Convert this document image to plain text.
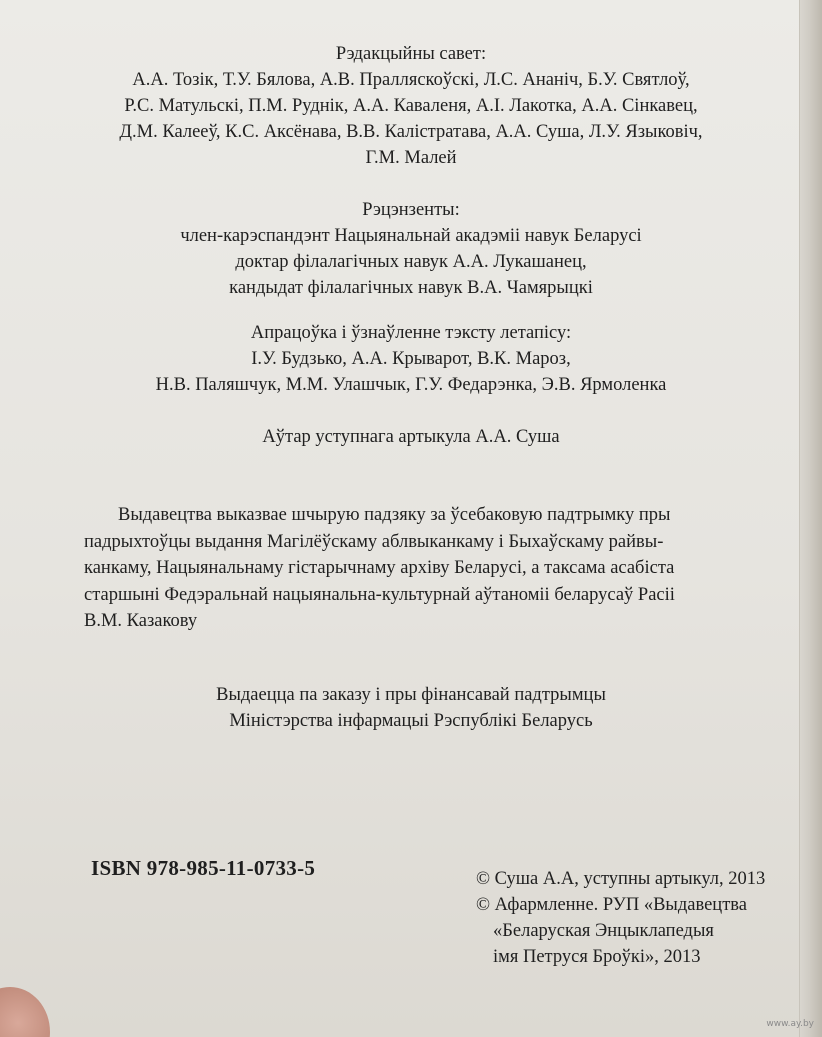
Рэдакцыйны савет:
А.А. Тозік, Т.У. Бялова, А.В. Пралляскоўскі, Л.С. Ананіч, Б.У. Святлоў,
Р.С. Матульскі, П.М. Руднік, А.А. Каваленя, А.І. Лакотка, А.А. Сінкавец,
Д.М. Калееў, К.С. Аксёнава, В.В. Калістратава, А.А. Суша, Л.У. Языковіч,
Г.М. Малей
Рэцэнзенты:
член-карэспандэнт Нацыянальнай акадэміі навук Беларусі
доктар філалагічных навук А.А. Лукашанец,
кандыдат філалагічных навук В.А. Чамярыцкі
Апрацоўка і ўзнаўленне тэксту летапісу:
І.У. Будзько, А.А. Крыварот, В.К. Мароз,
Н.В. Паляшчук, М.М. Улашчык, Г.У. Федарэнка, Э.В. Ярмоленка
Аўтар уступнага артыкула А.А. Суша
Выдавецтва выказвае шчырую падзяку за ўсебаковую падтрымку пры
падрыхтоўцы выдання Магілёўскаму аблвыканкаму і Быхаўскаму райвы-
канкаму, Нацыянальнаму гістарычнаму архіву Беларусі, а таксама асабіста
старшыні Федэральнай нацыянальна-культурнай аўтаноміі беларусаў Расіі
В.М. Казакову
Выдаецца па заказу і пры фінансавай падтрымцы
Міністэрства інфармацыі Рэспублікі Беларусь
ISBN 978-985-11-0733-5	© Суша А.А, уступны артыкул, 2013
© Афармленне. РУП «Выдавецтва
«Беларуская Энцыклапедыя
імя Петруся Броўкі», 2013
www.ay.by
